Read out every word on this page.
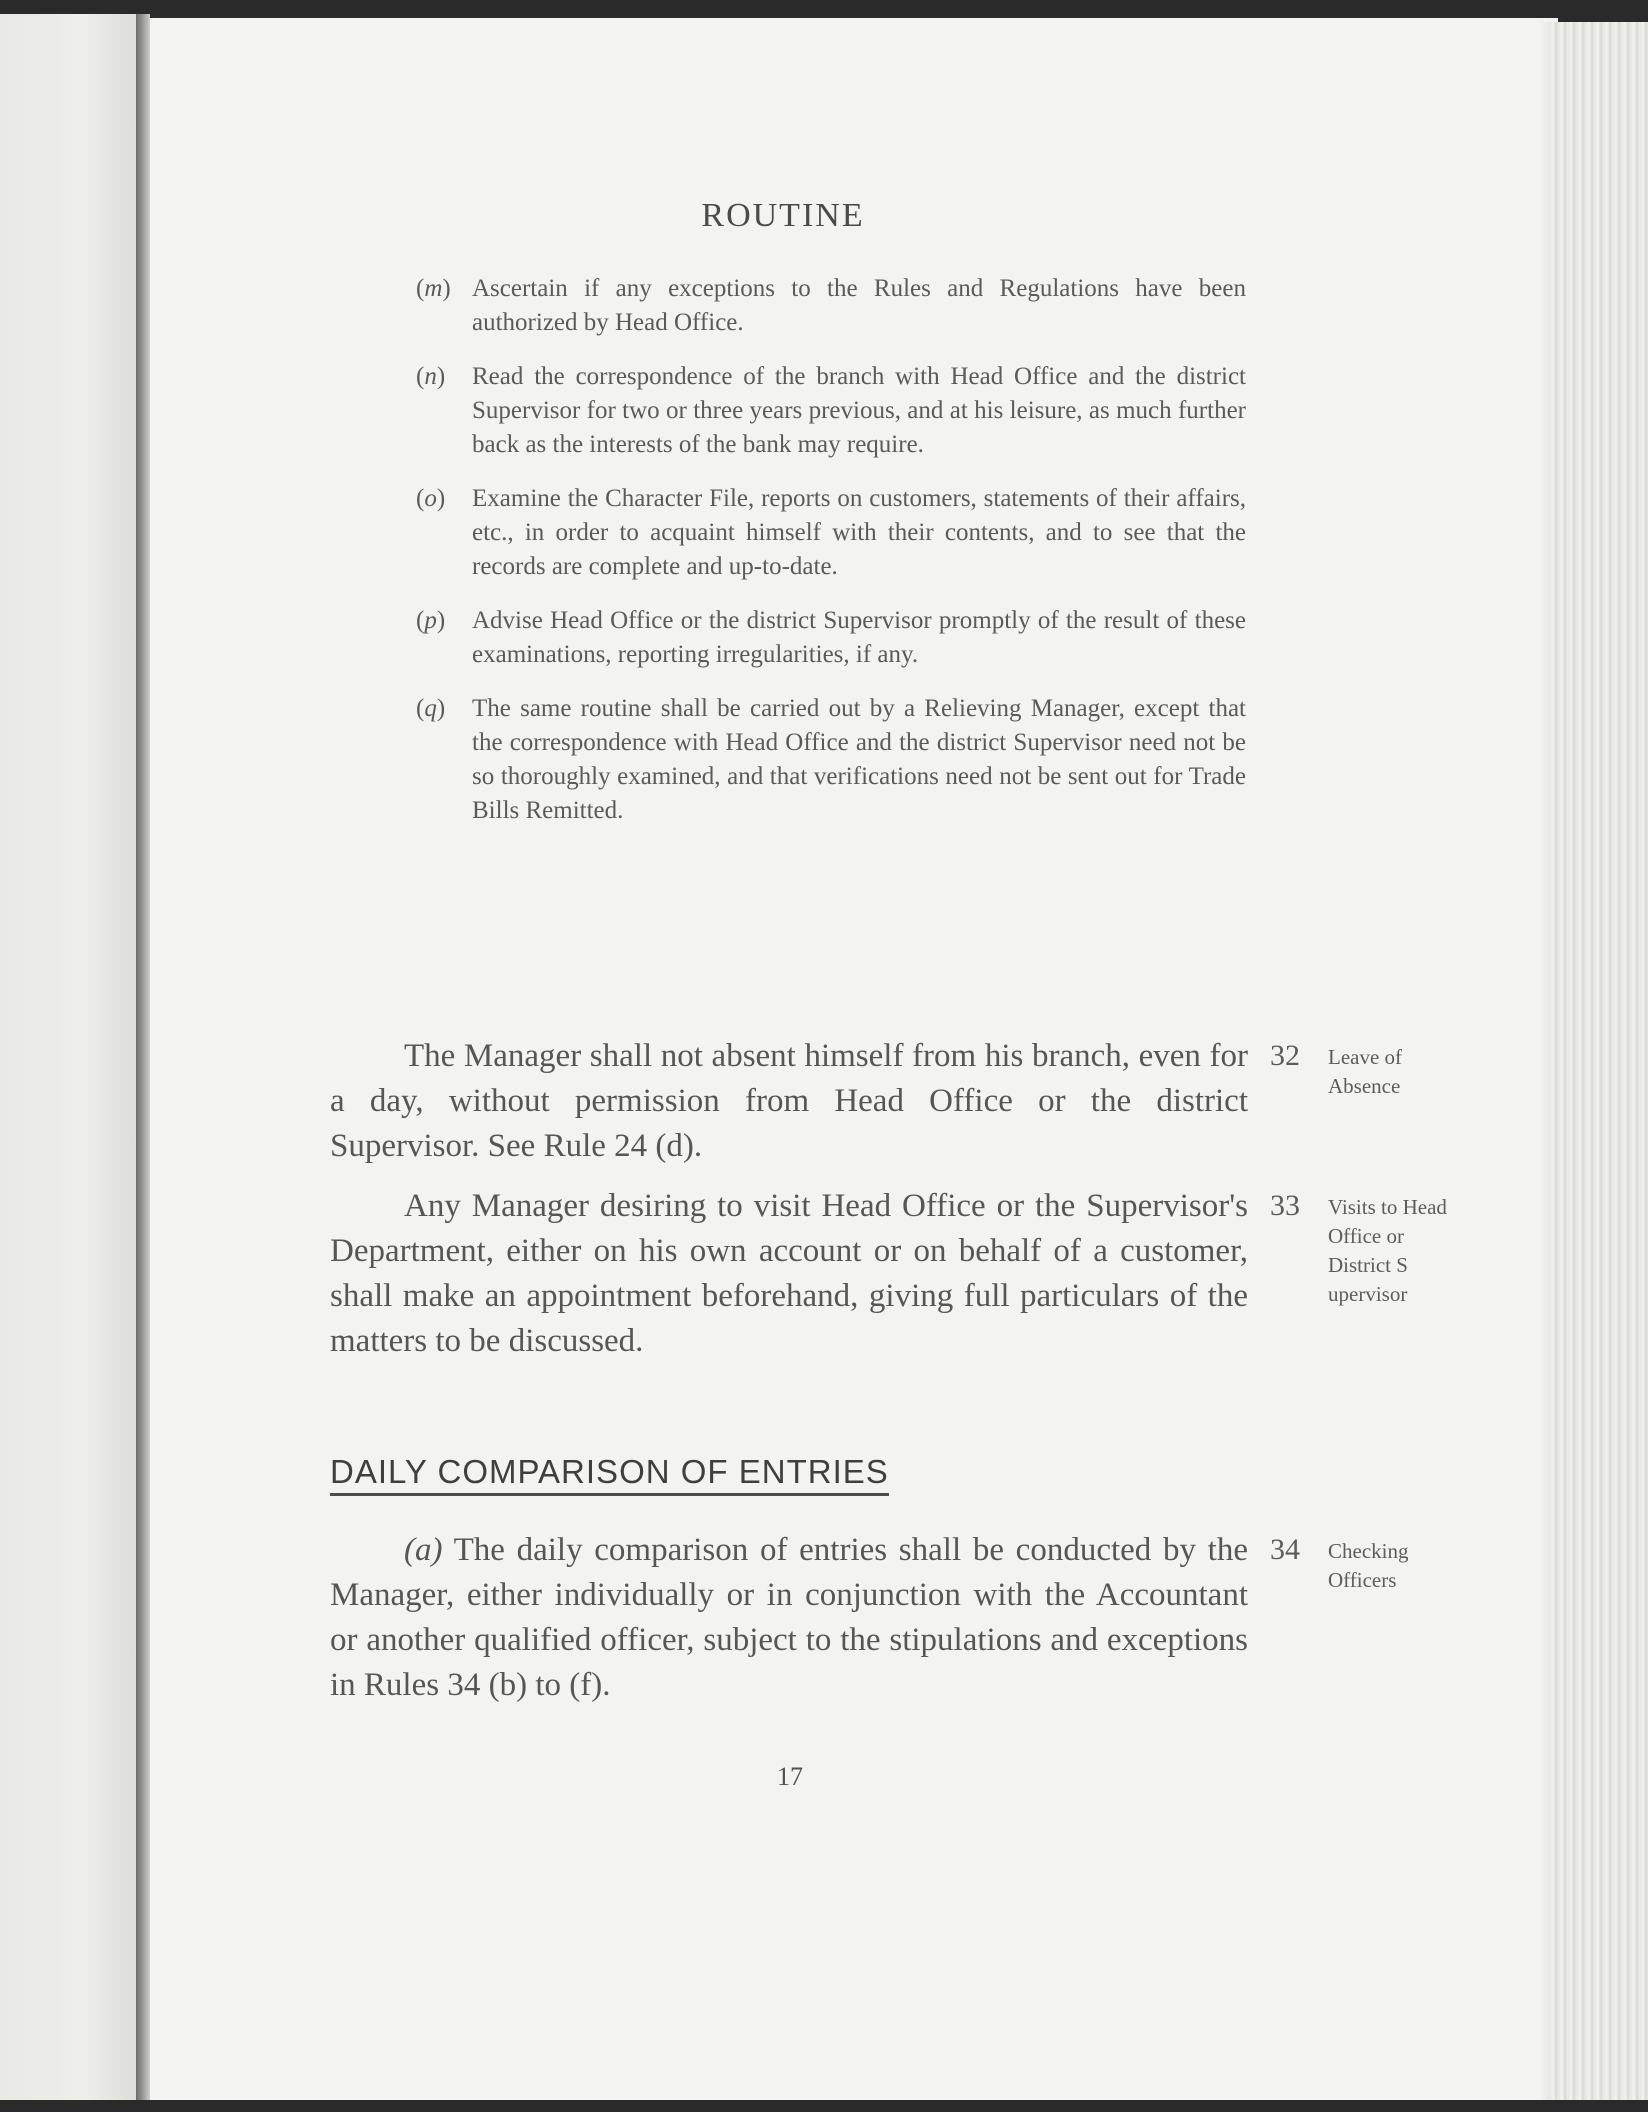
ROUTINE
(m) Ascertain if any exceptions to the Rules and Regulations have been authorized by Head Office.
(n)	Read the correspondence of the branch with Head Office and the district Supervisor for two or three years previous, and at his leisure, as much further back as the interests of the bank may require.
(o)	Examine the Character File, reports on customers, statements of their affairs, etc., in order to acquaint himself with their contents, and to see that the records are complete and up-to-date.
(p)	Advise Head Office or the district Supervisor promptly of the result of these examinations, reporting irregularities, if any.
(q)	The same routine shall be carried out by a Relieving Manager, except that the correspondence with Head Office and the district Supervisor need not be so thoroughly examined, and that verifications need not be sent out for Trade Bills Remitted.
The Manager shall not absent himself from his branch, even for a day, without permission from Head Office or the district Supervisor. See Rule 24 (d).
32	Leave of Absence
Any Manager desiring to visit Head Office or the Supervisor's Department, either on his own account or on behalf of a customer, shall make an appointment beforehand, giving full particulars of the matters to be discussed.
33	Visits to Head Office or District S upervisor
DAILY COMPARISON OF ENTRIES
(a) The daily comparison of entries shall be conducted by the Manager, either individually or in conjunction with the Accountant or another qualified officer, subject to the stipulations and exceptions in Rules 34 (b) to (f).
34	Checking Officers
17
